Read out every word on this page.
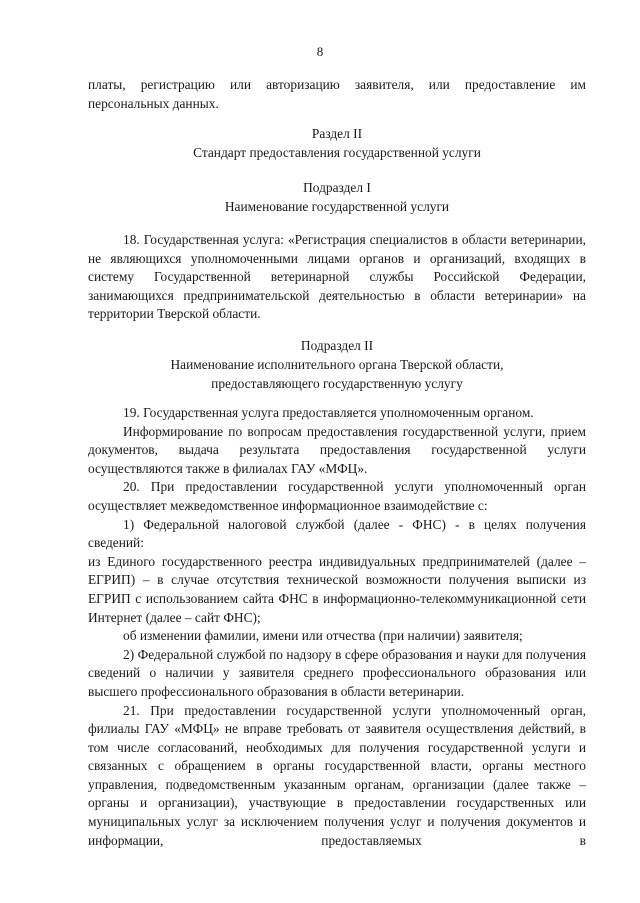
8

платы, регистрацию или авторизацию заявителя, или предоставление им персональных данных.

Раздел II
Стандарт предоставления государственной услуги
Подраздел I
Наименование государственной услуги

18. Государственная услуга: «Регистрация специалистов в области ветеринарии, не являющихся уполномоченными лицами органов и организаций, входящих в систему Государственной ветеринарной службы Российской Федерации, занимающихся предпринимательской деятельностью в области ветеринарии» на территории Тверской области.

Подраздел II
Наименование исполнительного органа Тверской области,
предоставляющего государственную услугу

19. Государственная услуга предоставляется уполномоченным органом.

Информирование по вопросам предоставления государственной услуги, прием документов, выдача результата предоставления государственной услуги осуществляются также в филиалах ГАУ «МФЦ».

20. При предоставлении государственной услуги уполномоченный орган осуществляет межведомственное информационное взаимодействие с:

1) Федеральной налоговой службой (далее - ФНС) - в целях получения сведений:

из Единого государственного реестра индивидуальных предпринимателей (далее – ЕГРИП) – в случае отсутствия технической возможности получения выписки из ЕГРИП с использованием сайта ФНС в информационно-телекоммуникационной сети Интернет (далее – сайт ФНС);

об изменении фамилии, имени или отчества (при наличии) заявителя;

2) Федеральной службой по надзору в сфере образования и науки для получения сведений о наличии у заявителя среднего профессионального образования или высшего профессионального образования в области ветеринарии.

21. При предоставлении государственной услуги уполномоченный орган, филиалы ГАУ «МФЦ» не вправе требовать от заявителя осуществления действий, в том числе согласований, необходимых для получения государственной услуги и связанных с обращением в органы государственной власти, органы местного управления, подведомственным указанным органам, организации (далее также – органы и организации), участвующие в предоставлении государственных или муниципальных услуг за исключением получения услуг и получения документов и информации, предоставляемых в
